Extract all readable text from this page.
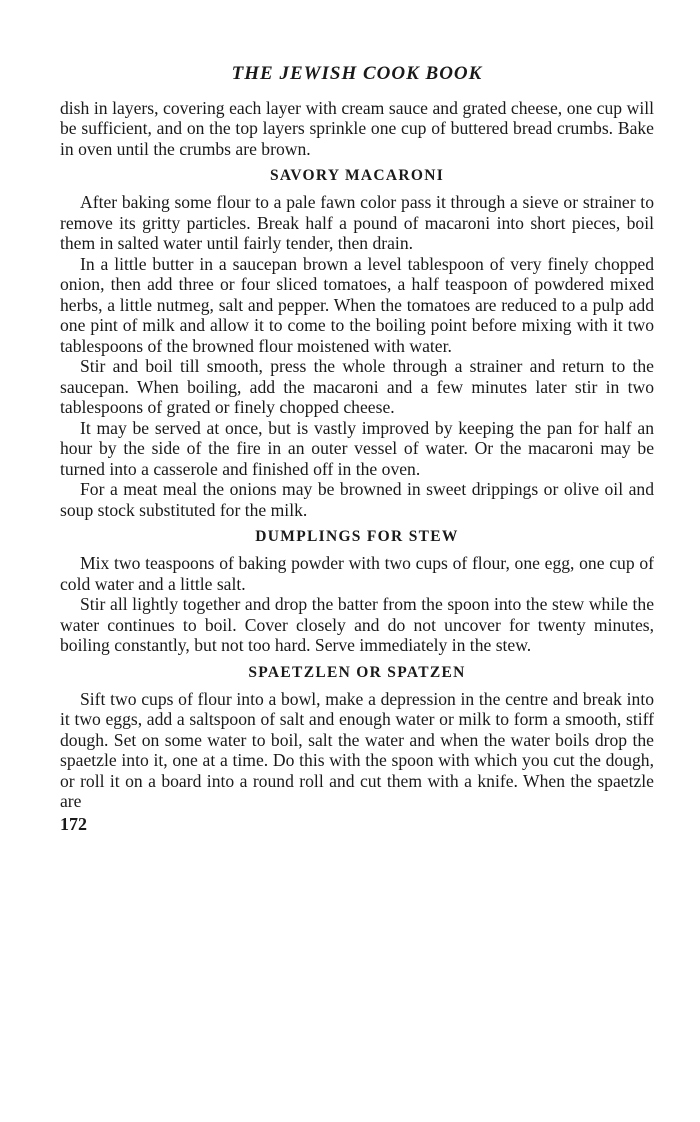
THE JEWISH COOK BOOK

dish in layers, covering each layer with cream sauce and grated cheese, one cup will be sufficient, and on the top layers sprinkle one cup of buttered bread crumbs. Bake in oven until the crumbs are brown.

SAVORY MACARONI

After baking some flour to a pale fawn color pass it through a sieve or strainer to remove its gritty particles. Break half a pound of macaroni into short pieces, boil them in salted water until fairly tender, then drain.

In a little butter in a saucepan brown a level tablespoon of very finely chopped onion, then add three or four sliced tomatoes, a half teaspoon of powdered mixed herbs, a little nutmeg, salt and pepper. When the tomatoes are reduced to a pulp add one pint of milk and allow it to come to the boiling point before mixing with it two tablespoons of the browned flour moistened with water.

Stir and boil till smooth, press the whole through a strainer and return to the saucepan. When boiling, add the macaroni and a few minutes later stir in two tablespoons of grated or finely chopped cheese.

It may be served at once, but is vastly improved by keeping the pan for half an hour by the side of the fire in an outer vessel of water. Or the macaroni may be turned into a casserole and finished off in the oven.

For a meat meal the onions may be browned in sweet drippings or olive oil and soup stock substituted for the milk.

DUMPLINGS FOR STEW

Mix two teaspoons of baking powder with two cups of flour, one egg, one cup of cold water and a little salt.

Stir all lightly together and drop the batter from the spoon into the stew while the water continues to boil. Cover closely and do not uncover for twenty minutes, boiling constantly, but not too hard. Serve immediately in the stew.

SPAETZLEN OR SPATZEN

Sift two cups of flour into a bowl, make a depression in the centre and break into it two eggs, add a saltspoon of salt and enough water or milk to form a smooth, stiff dough. Set on some water to boil, salt the water and when the water boils drop the spaetzle into it, one at a time. Do this with the spoon with which you cut the dough, or roll it on a board into a round roll and cut them with a knife. When the spaetzle are

172
